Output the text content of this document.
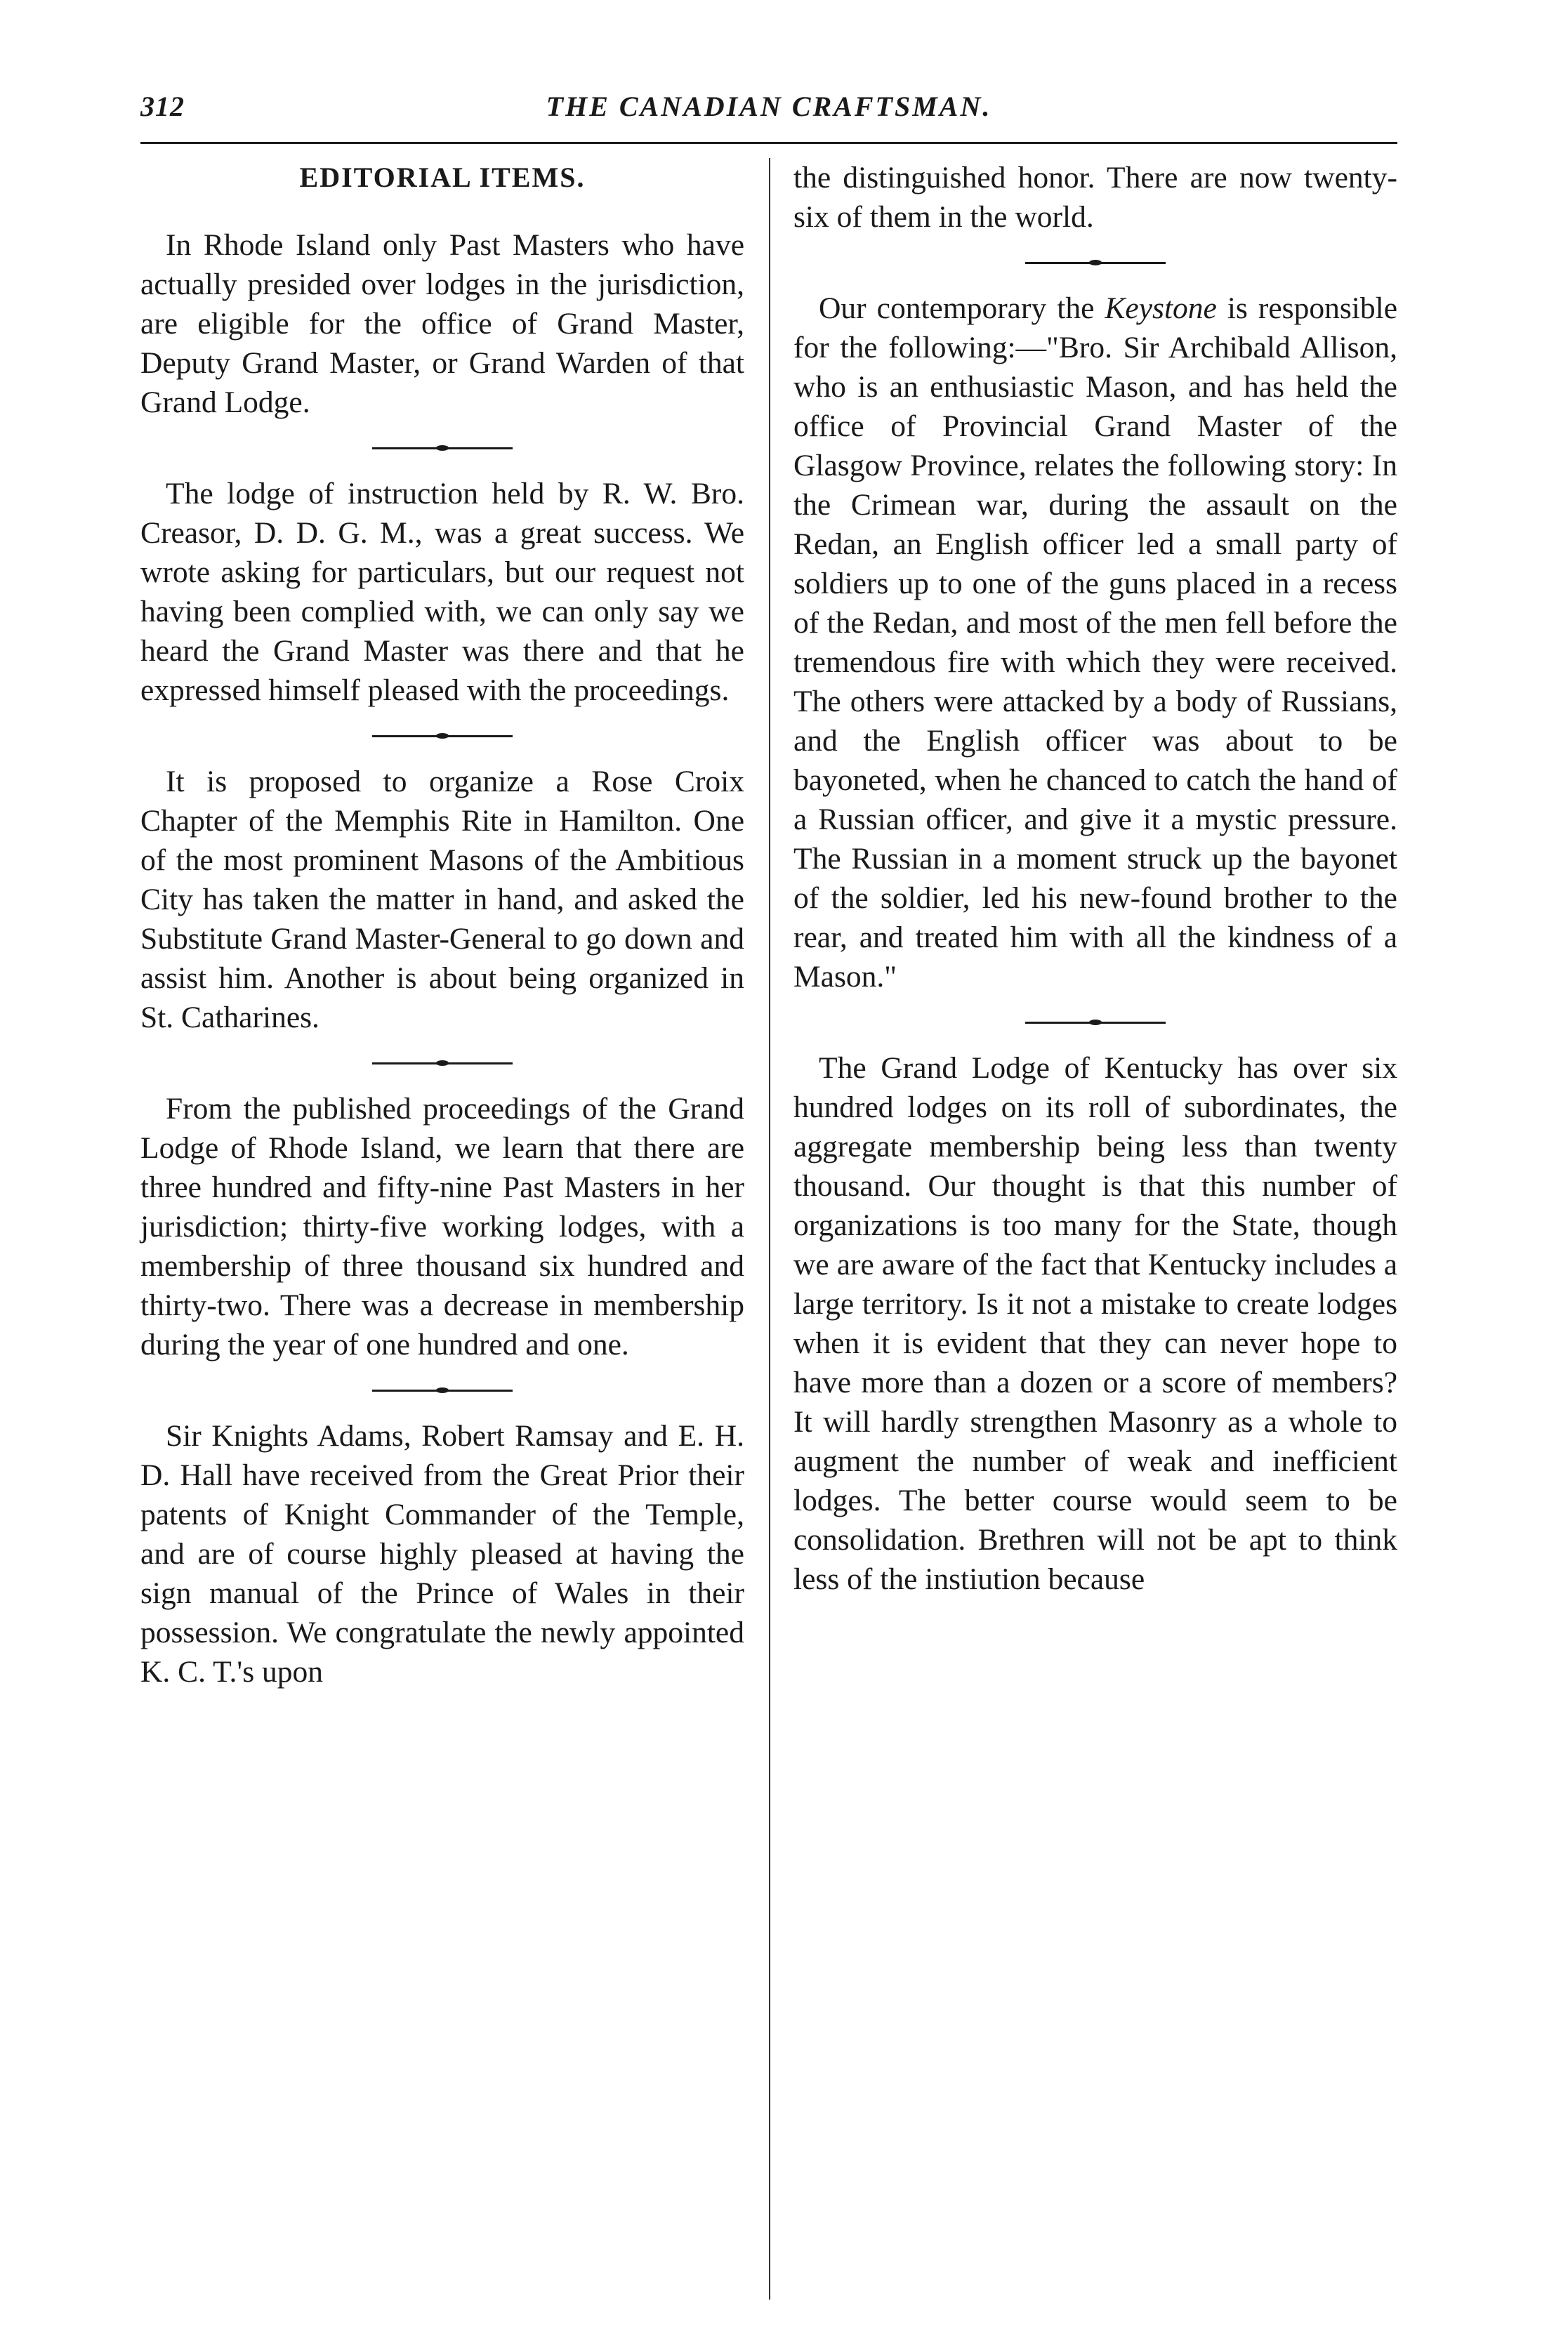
312	THE CANADIAN CRAFTSMAN.
EDITORIAL ITEMS.

In Rhode Island only Past Masters who have actually presided over lodges in the jurisdiction, are eligible for the office of Grand Master, Deputy Grand Master, or Grand Warden of that Grand Lodge.

The lodge of instruction held by R. W. Bro. Creasor, D. D. G. M., was a great success. We wrote asking for particulars, but our request not having been complied with, we can only say we heard the Grand Master was there and that he expressed himself pleased with the proceedings.

It is proposed to organize a Rose Croix Chapter of the Memphis Rite in Hamilton. One of the most prominent Masons of the Ambitious City has taken the matter in hand, and asked the Substitute Grand Master-General to go down and assist him. Another is about being organized in St. Catharines.

From the published proceedings of the Grand Lodge of Rhode Island, we learn that there are three hundred and fifty-nine Past Masters in her jurisdiction; thirty-five working lodges, with a membership of three thousand six hundred and thirty-two. There was a decrease in membership during the year of one hundred and one.

Sir Knights Adams, Robert Ramsay and E. H. D. Hall have received from the Great Prior their patents of Knight Commander of the Temple, and are of course highly pleased at having the sign manual of the Prince of Wales in their possession. We congratulate the newly appointed K. C. T.'s upon

the distinguished honor. There are now twenty-six of them in the world.

Our contemporary the Keystone is responsible for the following:—"Bro. Sir Archibald Allison, who is an enthusiastic Mason, and has held the office of Provincial Grand Master of the Glasgow Province, relates the following story: In the Crimean war, during the assault on the Redan, an English officer led a small party of soldiers up to one of the guns placed in a recess of the Redan, and most of the men fell before the tremendous fire with which they were received. The others were attacked by a body of Russians, and the English officer was about to be bayoneted, when he chanced to catch the hand of a Russian officer, and give it a mystic pressure. The Russian in a moment struck up the bayonet of the soldier, led his new-found brother to the rear, and treated him with all the kindness of a Mason."

The Grand Lodge of Kentucky has over six hundred lodges on its roll of subordinates, the aggregate membership being less than twenty thousand. Our thought is that this number of organizations is too many for the State, though we are aware of the fact that Kentucky includes a large territory. Is it not a mistake to create lodges when it is evident that they can never hope to have more than a dozen or a score of members? It will hardly strengthen Masonry as a whole to augment the number of weak and inefficient lodges. The better course would seem to be consolidation. Brethren will not be apt to think less of the instiution because
